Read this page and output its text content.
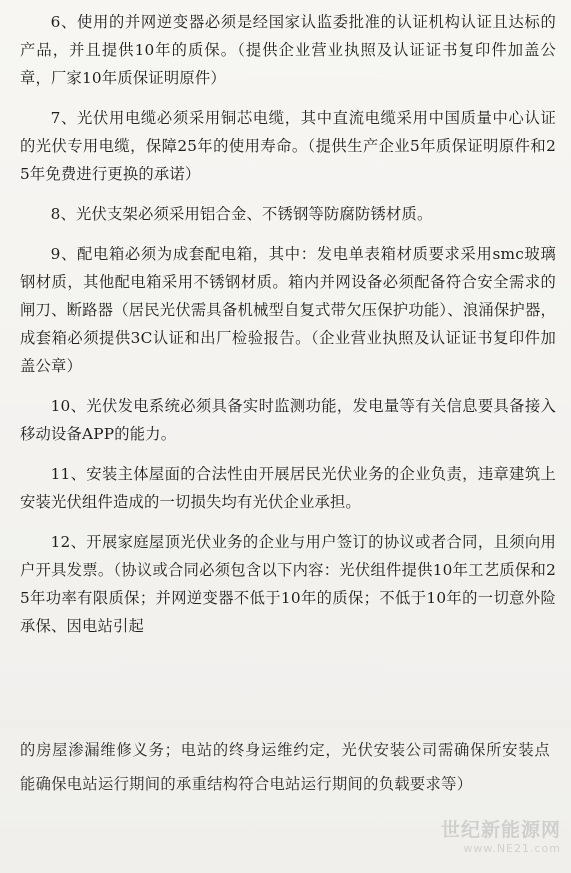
6、使用的并网逆变器必须是经国家认监委批准的认证机构认证且达标的产品，并且提供10年的质保。（提供企业营业执照及认证证书复印件加盖公章，厂家10年质保证明原件）

7、光伏用电缆必须采用铜芯电缆，其中直流电缆采用中国质量中心认证的光伏专用电缆，保障25年的使用寿命。（提供生产企业5年质保证明原件和25年免费进行更换的承诺）

8、光伏支架必须采用铝合金、不锈钢等防腐防锈材质。

9、配电箱必须为成套配电箱，其中：发电单表箱材质要求采用smc玻璃钢材质，其他配电箱采用不锈钢材质。箱内并网设备必须配备符合安全需求的闸刀、断路器（居民光伏需具备机械型自复式带欠压保护功能）、浪涌保护器，成套箱必须提供3C认证和出厂检验报告。（企业营业执照及认证证书复印件加盖公章）

10、光伏发电系统必须具备实时监测功能，发电量等有关信息要具备接入移动设备APP的能力。

11、安装主体屋面的合法性由开展居民光伏业务的企业负责，违章建筑上安装光伏组件造成的一切损失均有光伏企业承担。

12、开展家庭屋顶光伏业务的企业与用户签订的协议或者合同，且须向用户开具发票。（协议或合同必须包含以下内容：光伏组件提供10年工艺质保和25年功率有限质保；并网逆变器不低于10年的质保；不低于10年的一切意外险承保、因电站引起

的房屋渗漏维修义务；电站的终身运维约定，光伏安装公司需确保所安装点能确保电站运行期间的承重结构符合电站运行期间的负载要求等）

世纪新能源网
www.NE21.com
